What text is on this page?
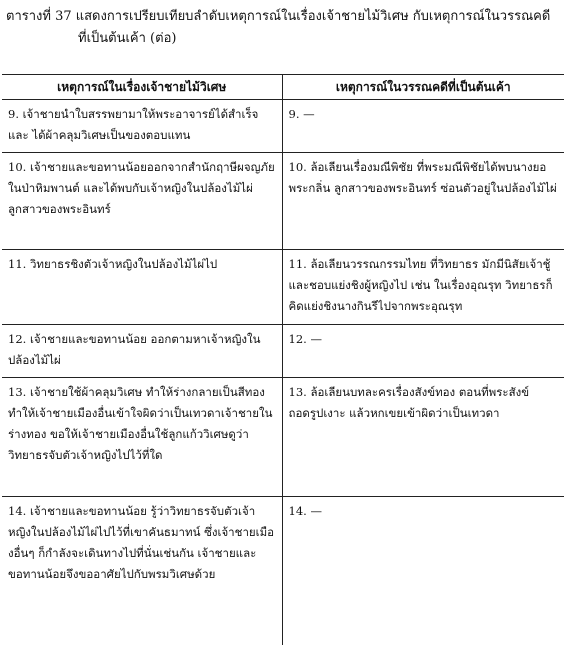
ตารางที่ 37 แสดงการเปรียบเทียบลำดับเหตุการณ์ในเรื่องเจ้าชายไม้วิเศษ กับเหตุการณ์ในวรรณคดี
ที่เป็นต้นเค้า (ต่อ)
เหตุการณ์ในเรื่องเจ้าชายไม้วิเศษ	เหตุการณ์ในวรรณคดีที่เป็นต้นเค้า
9. เจ้าชายนำใบสรรพยามาให้พระอาจารย์ได้สำเร็จ และ ได้ผ้าคลุมวิเศษเป็นของตอบแทน	9. —
10. เจ้าชายและขอทานน้อยออกจากสำนักฤาษีผจญภัยในป่าหิมพานต์ และได้พบกับเจ้าหญิงในปล้องไม้ไผ่ ลูกสาวของพระอินทร์	10. ล้อเลียนเรื่องมณีพิชัย ที่พระมณีพิชัยได้พบนางยอพระกลิ่น ลูกสาวของพระอินทร์ ซ่อนตัวอยู่ในปล้องไม้ไผ่
11. วิทยาธรชิงตัวเจ้าหญิงในปล้องไม้ไผ่ไป	11. ล้อเลียนวรรณกรรมไทย ที่วิทยาธร มักมีนิสัยเจ้าชู้และชอบแย่งชิงผู้หญิงไป เช่น ในเรื่องอุณรุท วิทยาธรก็คิดแย่งชิงนางกินรีไปจากพระอุณรุท
12. เจ้าชายและขอทานน้อย ออกตามหาเจ้าหญิงในปล้องไม้ไผ่	12. —
13. เจ้าชายใช้ผ้าคลุมวิเศษ ทำให้ร่างกลายเป็นสีทอง ทำให้เจ้าชายเมืองอื่นเข้าใจผิดว่าเป็นเทวดาเจ้าชายในร่างทอง ขอให้เจ้าชายเมืองอื่นใช้ลูกแก้ววิเศษดูว่าวิทยาธรจับตัวเจ้าหญิงไปไว้ที่ใด	13. ล้อเลียนบทละครเรื่องสังข์ทอง ตอนที่พระสังข์ถอดรูปเงาะ แล้วหกเขยเข้าผิดว่าเป็นเทวดา
14. เจ้าชายและขอทานน้อย รู้ว่าวิทยาธรจับตัวเจ้าหญิงในปล้องไม้ไผ่ไปไว้ที่เขาคันธมาทน์ ซึ่งเจ้าชายเมืองอื่นๆ ก็กำลังจะเดินทางไปที่นั่นเช่นกัน เจ้าชายและขอทานน้อยจึงขออาศัยไปกับพรมวิเศษด้วย	14. —
